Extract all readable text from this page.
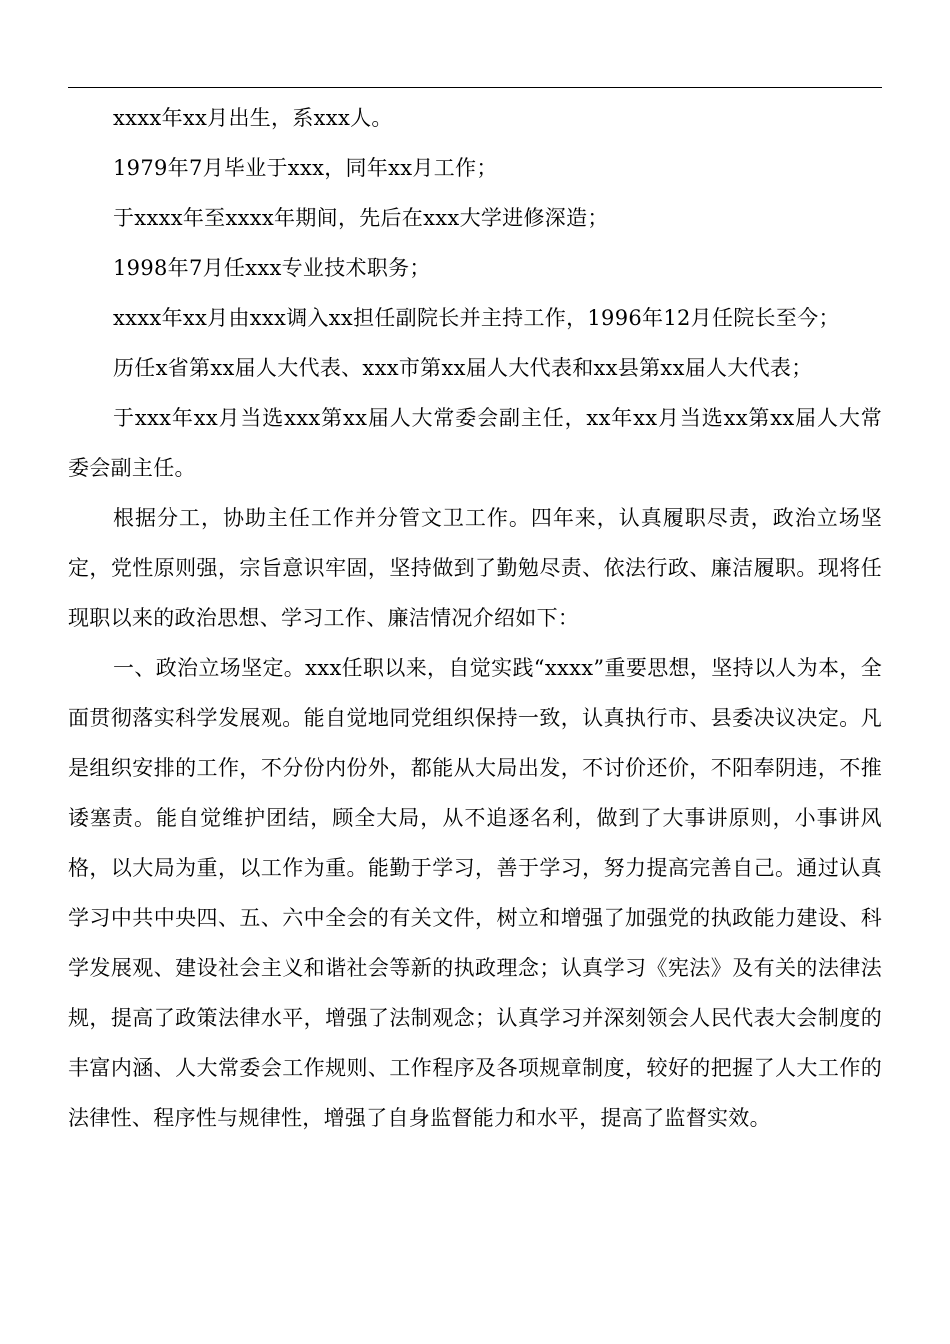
xxxx年xx月出生，系xxx人。

1979年7月毕业于xxx，同年xx月工作；

于xxxx年至xxxx年期间，先后在xxx大学进修深造；

1998年7月任xxx专业技术职务；

xxxx年xx月由xxx调入xx担任副院长并主持工作，1996年12月任院长至今；

历任x省第xx届人大代表、xxx市第xx届人大代表和xx县第xx届人大代表；

于xxx年xx月当选xxx第xx届人大常委会副主任，xx年xx月当选xx第xx届人大常委会副主任。

根据分工，协助主任工作并分管文卫工作。四年来，认真履职尽责，政治立场坚定，党性原则强，宗旨意识牢固，坚持做到了勤勉尽责、依法行政、廉洁履职。现将任现职以来的政治思想、学习工作、廉洁情况介绍如下：

一、政治立场坚定。xxx任职以来，自觉实践“xxxx”重要思想，坚持以人为本，全面贯彻落实科学发展观。能自觉地同党组织保持一致，认真执行市、县委决议决定。凡是组织安排的工作，不分份内份外，都能从大局出发，不讨价还价，不阳奉阴违，不推诿塞责。能自觉维护团结，顾全大局，从不追逐名利，做到了大事讲原则，小事讲风格，以大局为重，以工作为重。能勤于学习，善于学习，努力提高完善自己。通过认真学习中共中央四、五、六中全会的有关文件，树立和增强了加强党的执政能力建设、科学发展观、建设社会主义和谐社会等新的执政理念；认真学习《宪法》及有关的法律法规，提高了政策法律水平，增强了法制观念；认真学习并深刻领会人民代表大会制度的丰富内涵、人大常委会工作规则、工作程序及各项规章制度，较好的把握了人大工作的法律性、程序性与规律性，增强了自身监督能力和水平，提高了监督实效。
